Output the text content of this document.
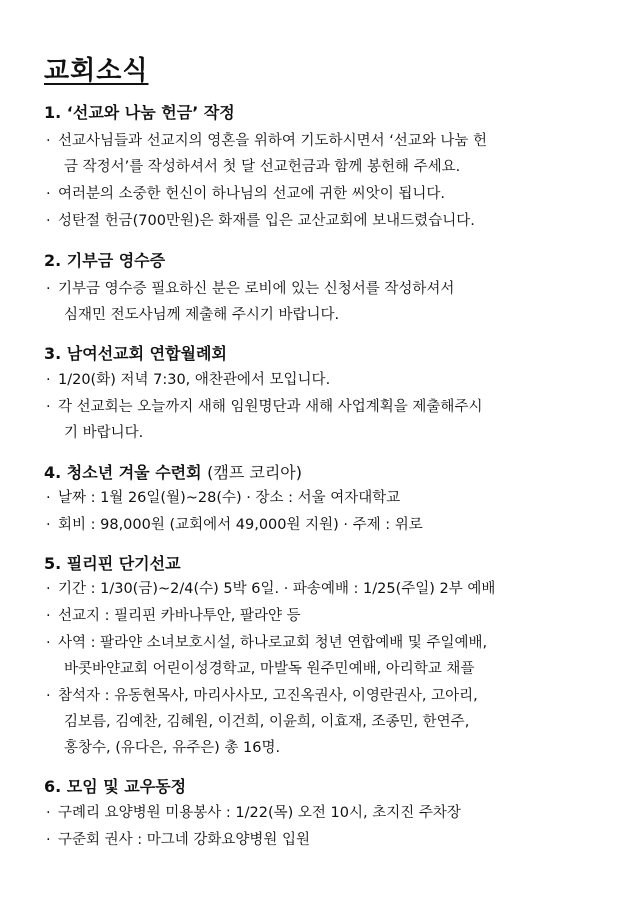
교회소식
1. ‘선교와 나눔 헌금’ 작정
· 선교사님들과 선교지의 영혼을 위하여 기도하시면서 ‘선교와 나눔 헌
금 작정서’를 작성하셔서 첫 달 선교헌금과 함께 봉헌해 주세요.
· 여러분의 소중한 헌신이 하나님의 선교에 귀한 씨앗이 됩니다.
· 성탄절 헌금(700만원)은 화재를 입은 교산교회에 보내드렸습니다.
2. 기부금 영수증
· 기부금 영수증 필요하신 분은 로비에 있는 신청서를 작성하셔서
심재민 전도사님께 제출해 주시기 바랍니다.
3. 남여선교회 연합월례회
· 1/20(화) 저녁 7:30, 애찬관에서 모입니다.
· 각 선교회는 오늘까지 새해 임원명단과 새해 사업계획을 제출해주시
기 바랍니다.
4. 청소년 겨울 수련회 (캠프 코리아)
· 날짜 : 1월 26일(월)~28(수) · 장소 : 서울 여자대학교
· 회비 : 98,000원 (교회에서 49,000원 지원) · 주제 : 위로
5. 필리핀 단기선교
· 기간 : 1/30(금)~2/4(수) 5박 6일. · 파송예배 : 1/25(주일) 2부 예배
· 선교지 : 필리핀 카바나투안, 팔라얀 등
· 사역 : 팔라얀 소녀보호시설, 하나로교회 청년 연합예배 및 주일예배,
바콧바얀교회 어린이성경학교, 마발독 원주민예배, 아리학교 채플
· 참석자 : 유동현목사, 마리사사모, 고진옥권사, 이영란권사, 고아리,
김보름, 김예찬, 김혜원, 이건희, 이윤희, 이효재, 조종민, 한연주,
홍창수, (유다은, 유주은) 총 16명.
6. 모임 및 교우동정
· 구례리 요양병원 미용봉사 : 1/22(목) 오전 10시, 초지진 주차장
· 구준회 권사 : 마그네 강화요양병원 입원
